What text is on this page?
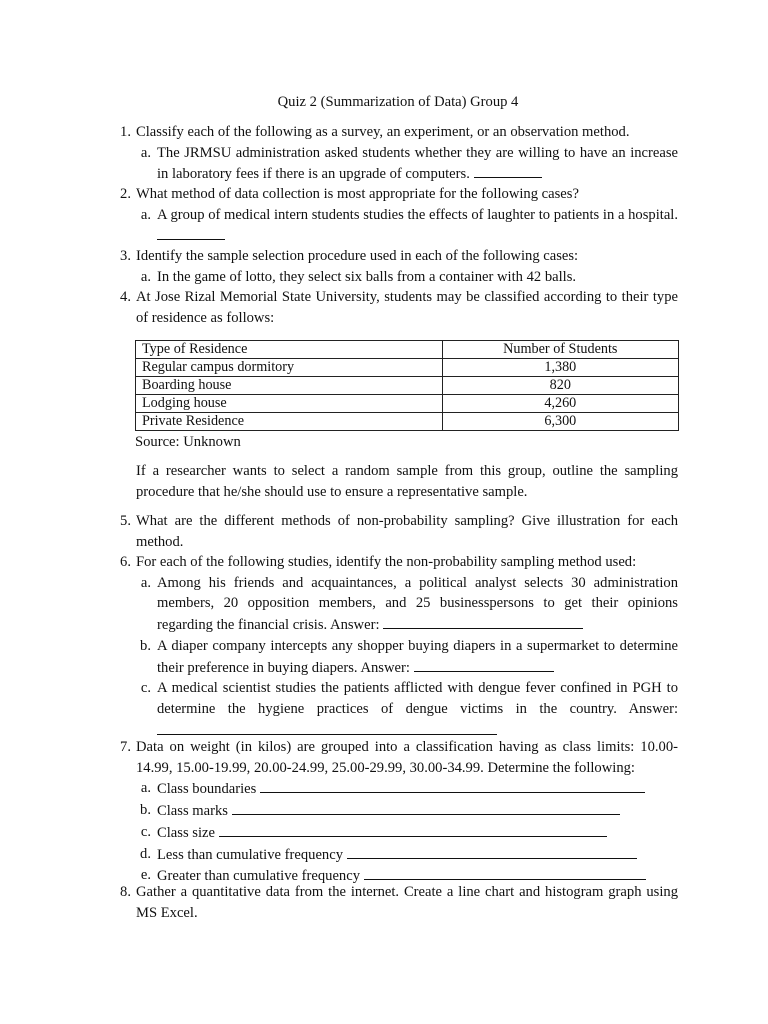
Quiz 2 (Summarization of Data) Group 4
1. Classify each of the following as a survey, an experiment, or an observation method.
a. The JRMSU administration asked students whether they are willing to have an increase in laboratory fees if there is an upgrade of computers.
2. What method of data collection is most appropriate for the following cases?
a. A group of medical intern students studies the effects of laughter to patients in a hospital.
3. Identify the sample selection procedure used in each of the following cases:
a. In the game of lotto, they select six balls from a container with 42 balls.
4. At Jose Rizal Memorial State University, students may be classified according to their type of residence as follows:
Type of Residence	Number of Students
Regular campus dormitory	1,380
Boarding house	820
Lodging house	4,260
Private Residence	6,300
Source: Unknown
If a researcher wants to select a random sample from this group, outline the sampling procedure that he/she should use to ensure a representative sample.
5. What are the different methods of non-probability sampling? Give illustration for each method.
6. For each of the following studies, identify the non-probability sampling method used:
a. Among his friends and acquaintances, a political analyst selects 30 administration members, 20 opposition members, and 25 businesspersons to get their opinions regarding the financial crisis. Answer:
b. A diaper company intercepts any shopper buying diapers in a supermarket to determine their preference in buying diapers. Answer:
c. A medical scientist studies the patients afflicted with dengue fever confined in PGH to determine the hygiene practices of dengue victims in the country. Answer:
7. Data on weight (in kilos) are grouped into a classification having as class limits: 10.00-14.99, 15.00-19.99, 20.00-24.99, 25.00-29.99, 30.00-34.99. Determine the following:
a. Class boundaries
b. Class marks
c. Class size
d. Less than cumulative frequency
e. Greater than cumulative frequency
8. Gather a quantitative data from the internet. Create a line chart and histogram graph using MS Excel.
